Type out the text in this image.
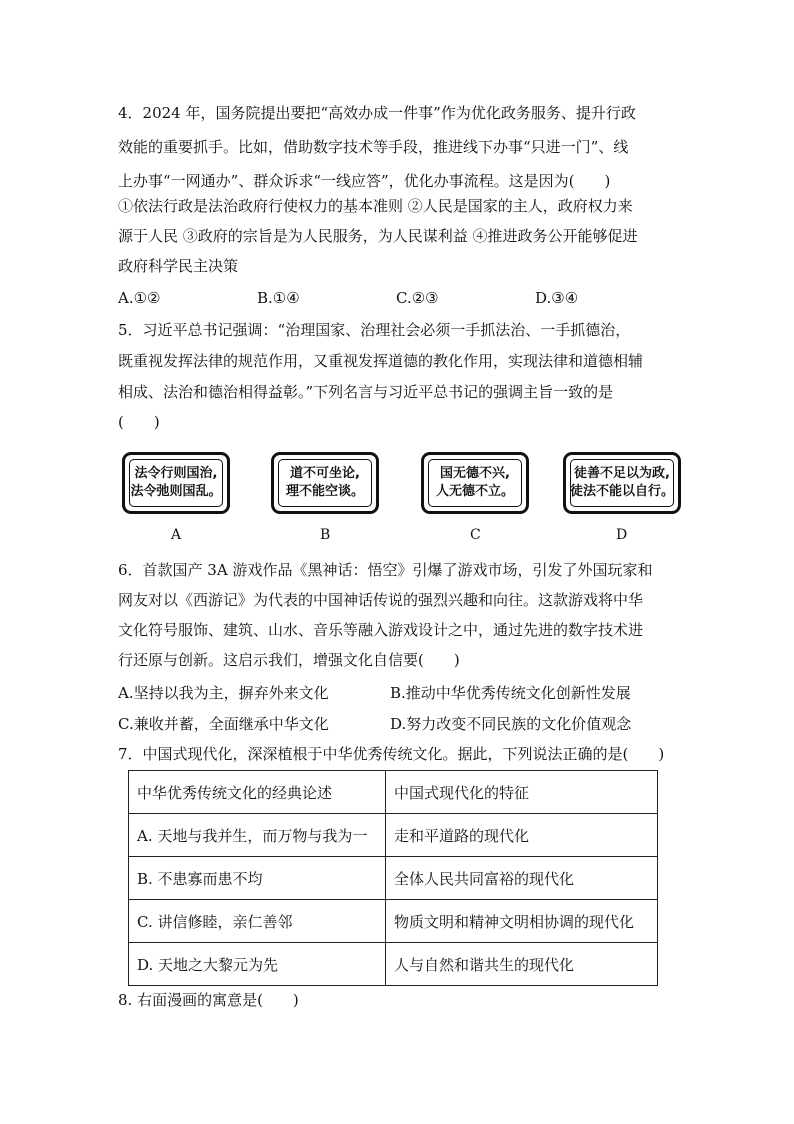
4．2024 年，国务院提出要把“高效办成一件事”作为优化政务服务、提升行政
效能的重要抓手。比如，借助数字技术等手段，推进线下办事“只进一门”、线
上办事“一网通办”、群众诉求“一线应答”，优化办事流程。这是因为(　　)
①依法行政是法治政府行使权力的基本准则 ②人民是国家的主人，政府权力来
源于人民 ③政府的宗旨是为人民服务，为人民谋利益 ④推进政务公开能够促进
政府科学民主决策
A.①②	B.①④	C.②③	D.③④
5．习近平总书记强调：“治理国家、治理社会必须一手抓法治、一手抓德治，
既重视发挥法律的规范作用，又重视发挥道德的教化作用，实现法律和道德相辅
相成、法治和德治相得益彰。”下列名言与习近平总书记的强调主旨一致的是
(　　)
法令行则国治,
法令弛则国乱。
道不可坐论,
理不能空谈。
国无德不兴,
人无德不立。
徒善不足以为政,
徒法不能以自行。
A	B	C	D
6．首款国产 3A 游戏作品《黑神话：悟空》引爆了游戏市场，引发了外国玩家和
网友对以《西游记》为代表的中国神话传说的强烈兴趣和向往。这款游戏将中华
文化符号服饰、建筑、山水、音乐等融入游戏设计之中，通过先进的数字技术进
行还原与创新。这启示我们，增强文化自信要(　　)
A.坚持以我为主，摒弃外来文化	B.推动中华优秀传统文化创新性发展
C.兼收并蓄，全面继承中华文化	D.努力改变不同民族的文化价值观念
7．中国式现代化，深深植根于中华优秀传统文化。据此，下列说法正确的是(　　)
中华优秀传统文化的经典论述	中国式现代化的特征
A. 天地与我并生，而万物与我为一	走和平道路的现代化
B. 不患寡而患不均	全体人民共同富裕的现代化
C. 讲信修睦，亲仁善邻	物质文明和精神文明相协调的现代化
D. 天地之大黎元为先	人与自然和谐共生的现代化
8. 右面漫画的寓意是(　　)
